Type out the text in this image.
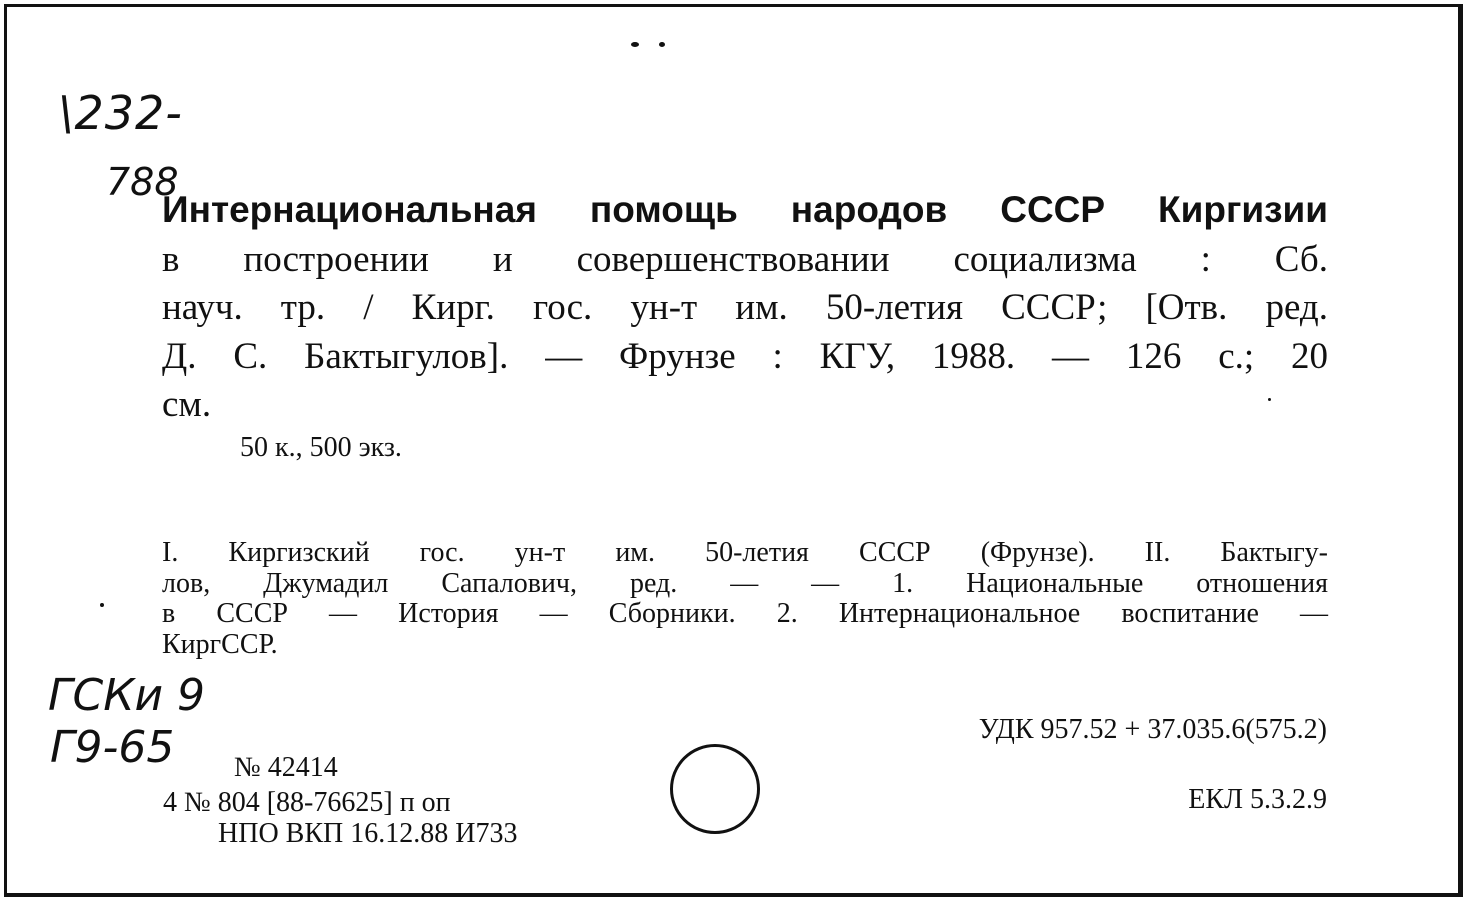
\232-
788
ГСКи 9
Г9-65
Интернациональная помощь народов СССР Киргизии
в построении и совершенствовании социализма : Сб.
науч. тр. / Кирг. гос. ун-т им. 50-летия СССР; [Отв. ред.
Д. С. Бактыгулов]. — Фрунзе : КГУ, 1988. — 126 с.; 20
см.
50 к., 500 экз.
I. Киргизский гос. ун-т им. 50-летия СССР (Фрунзе). II. Бактыгу-
лов, Джумадил Сапалович, ред. — — 1. Национальные отношения
в СССР — История — Сборники. 2. Интернациональное воспитание —
КиргССР.
УДК 957.52 + 37.035.6(575.2)
№ 42414
4 № 804 [88-76625] п оп
НПО ВКП 16.12.88 И733
ЕКЛ 5.3.2.9
